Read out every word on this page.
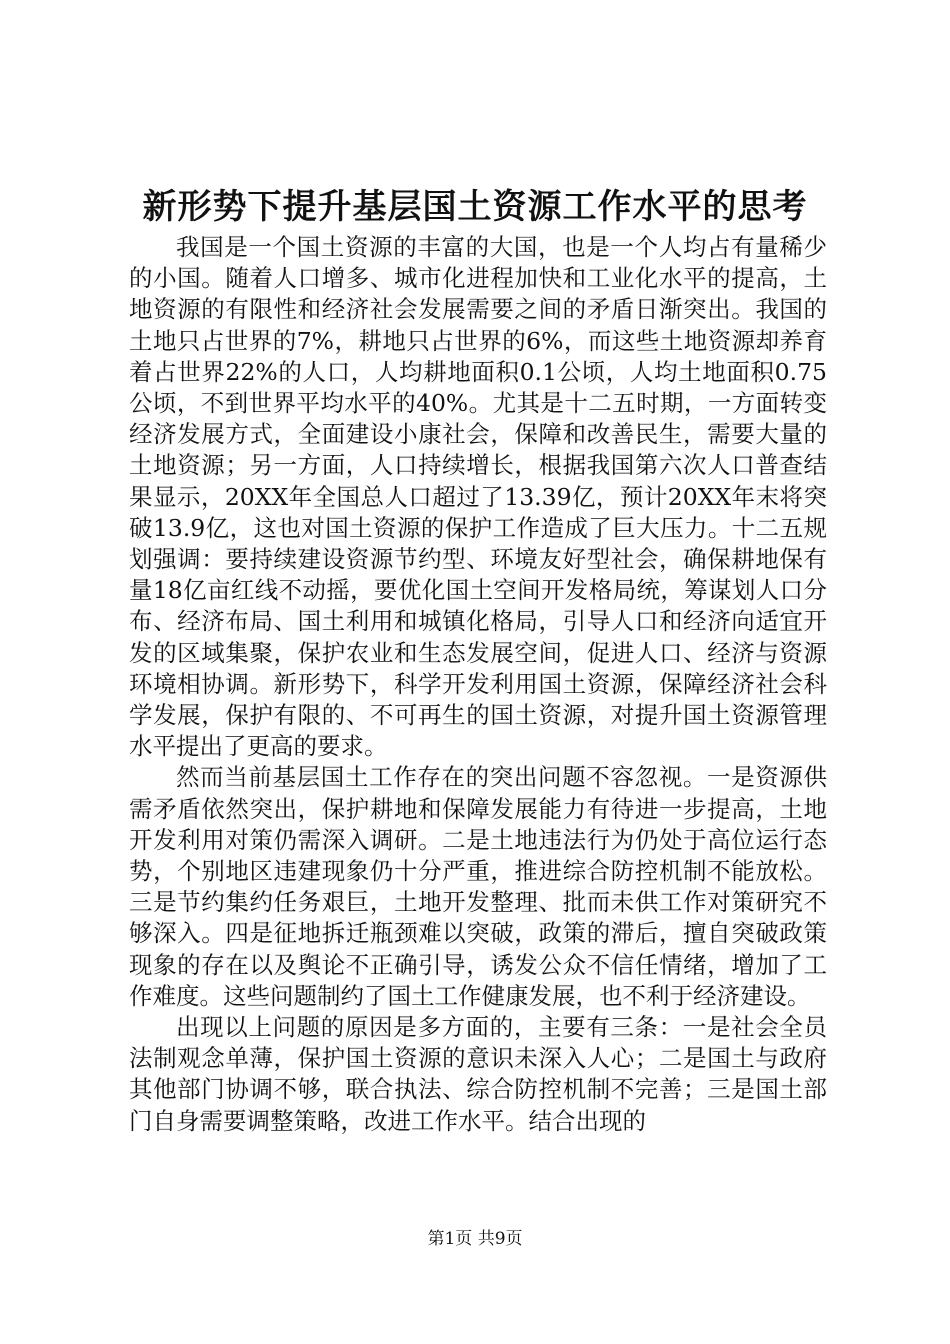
新形势下提升基层国土资源工作水平的思考

我国是一个国土资源的丰富的大国，也是一个人均占有量稀少的小国。随着人口增多、城市化进程加快和工业化水平的提高，土地资源的有限性和经济社会发展需要之间的矛盾日渐突出。我国的土地只占世界的7%，耕地只占世界的6%，而这些土地资源却养育着占世界22%的人口，人均耕地面积0.1公顷，人均土地面积0.75公顷，不到世界平均水平的40%。尤其是十二五时期，一方面转变经济发展方式，全面建设小康社会，保障和改善民生，需要大量的土地资源；另一方面，人口持续增长，根据我国第六次人口普查结果显示，20XX年全国总人口超过了13.39亿，预计20XX年末将突破13.9亿，这也对国土资源的保护工作造成了巨大压力。十二五规划强调：要持续建设资源节约型、环境友好型社会，确保耕地保有量18亿亩红线不动摇，要优化国土空间开发格局统，筹谋划人口分布、经济布局、国土利用和城镇化格局，引导人口和经济向适宜开发的区域集聚，保护农业和生态发展空间，促进人口、经济与资源环境相协调。新形势下，科学开发利用国土资源，保障经济社会科学发展，保护有限的、不可再生的国土资源，对提升国土资源管理水平提出了更高的要求。

然而当前基层国土工作存在的突出问题不容忽视。一是资源供需矛盾依然突出，保护耕地和保障发展能力有待进一步提高，土地开发利用对策仍需深入调研。二是土地违法行为仍处于高位运行态势，个别地区违建现象仍十分严重，推进综合防控机制不能放松。三是节约集约任务艰巨，土地开发整理、批而未供工作对策研究不够深入。四是征地拆迁瓶颈难以突破，政策的滞后，擅自突破政策现象的存在以及舆论不正确引导，诱发公众不信任情绪，增加了工作难度。这些问题制约了国土工作健康发展，也不利于经济建设。

出现以上问题的原因是多方面的，主要有三条：一是社会全员法制观念单薄，保护国土资源的意识未深入人心；二是国土与政府其他部门协调不够，联合执法、综合防控机制不完善；三是国土部门自身需要调整策略，改进工作水平。结合出现的

第1页 共9页
